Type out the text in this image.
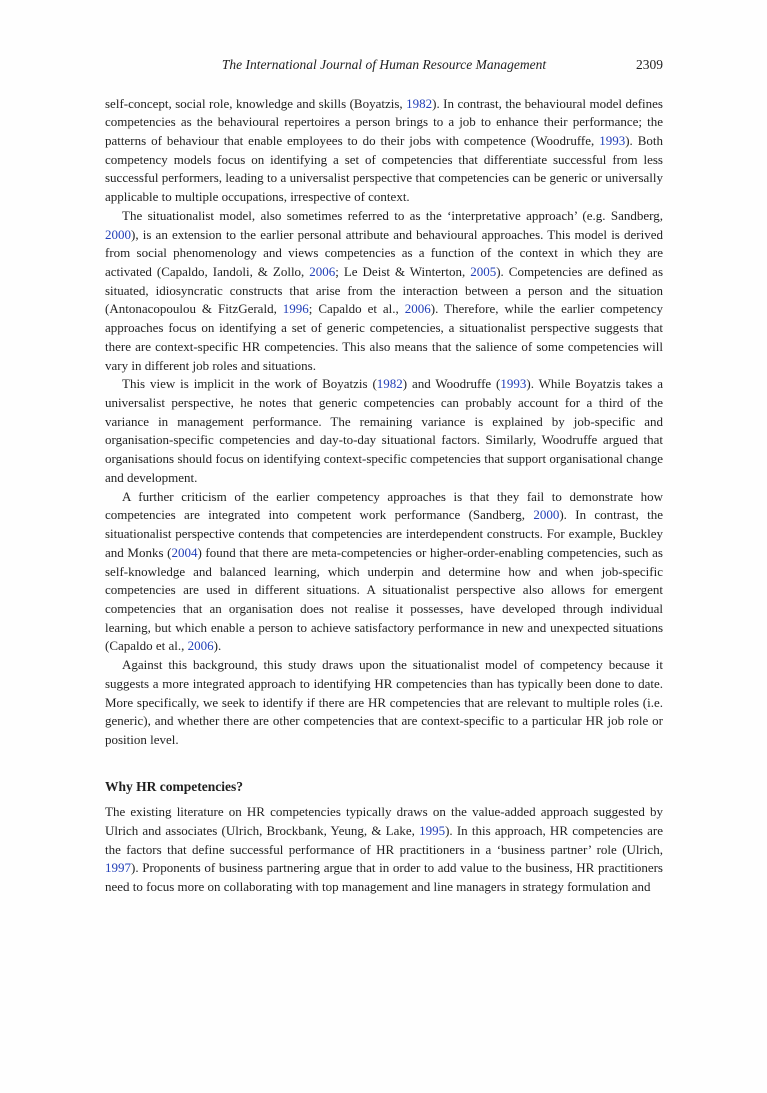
The International Journal of Human Resource Management	2309

self-concept, social role, knowledge and skills (Boyatzis, 1982). In contrast, the behavioural model defines competencies as the behavioural repertoires a person brings to a job to enhance their performance; the patterns of behaviour that enable employees to do their jobs with competence (Woodruffe, 1993). Both competency models focus on identifying a set of competencies that differentiate successful from less successful performers, leading to a universalist perspective that competencies can be generic or universally applicable to multiple occupations, irrespective of context.

The situationalist model, also sometimes referred to as the ‘interpretative approach’ (e.g. Sandberg, 2000), is an extension to the earlier personal attribute and behavioural approaches. This model is derived from social phenomenology and views competencies as a function of the context in which they are activated (Capaldo, Iandoli, & Zollo, 2006; Le Deist & Winterton, 2005). Competencies are defined as situated, idiosyncratic constructs that arise from the interaction between a person and the situation (Antonacopoulou & FitzGerald, 1996; Capaldo et al., 2006). Therefore, while the earlier competency approaches focus on identifying a set of generic competencies, a situationalist perspective suggests that there are context-specific HR competencies. This also means that the salience of some competencies will vary in different job roles and situations.

This view is implicit in the work of Boyatzis (1982) and Woodruffe (1993). While Boyatzis takes a universalist perspective, he notes that generic competencies can probably account for a third of the variance in management performance. The remaining variance is explained by job-specific and organisation-specific competencies and day-to-day situational factors. Similarly, Woodruffe argued that organisations should focus on identifying context-specific competencies that support organisational change and development.

A further criticism of the earlier competency approaches is that they fail to demonstrate how competencies are integrated into competent work performance (Sandberg, 2000). In contrast, the situationalist perspective contends that competencies are interdependent constructs. For example, Buckley and Monks (2004) found that there are meta-competencies or higher-order-enabling competencies, such as self-knowledge and balanced learning, which underpin and determine how and when job-specific competencies are used in different situations. A situationalist perspective also allows for emergent competencies that an organisation does not realise it possesses, have developed through individual learning, but which enable a person to achieve satisfactory performance in new and unexpected situations (Capaldo et al., 2006).

Against this background, this study draws upon the situationalist model of competency because it suggests a more integrated approach to identifying HR competencies than has typically been done to date. More specifically, we seek to identify if there are HR competencies that are relevant to multiple roles (i.e. generic), and whether there are other competencies that are context-specific to a particular HR job role or position level.

Why HR competencies?

The existing literature on HR competencies typically draws on the value-added approach suggested by Ulrich and associates (Ulrich, Brockbank, Yeung, & Lake, 1995). In this approach, HR competencies are the factors that define successful performance of HR practitioners in a ‘business partner’ role (Ulrich, 1997). Proponents of business partnering argue that in order to add value to the business, HR practitioners need to focus more on collaborating with top management and line managers in strategy formulation and
